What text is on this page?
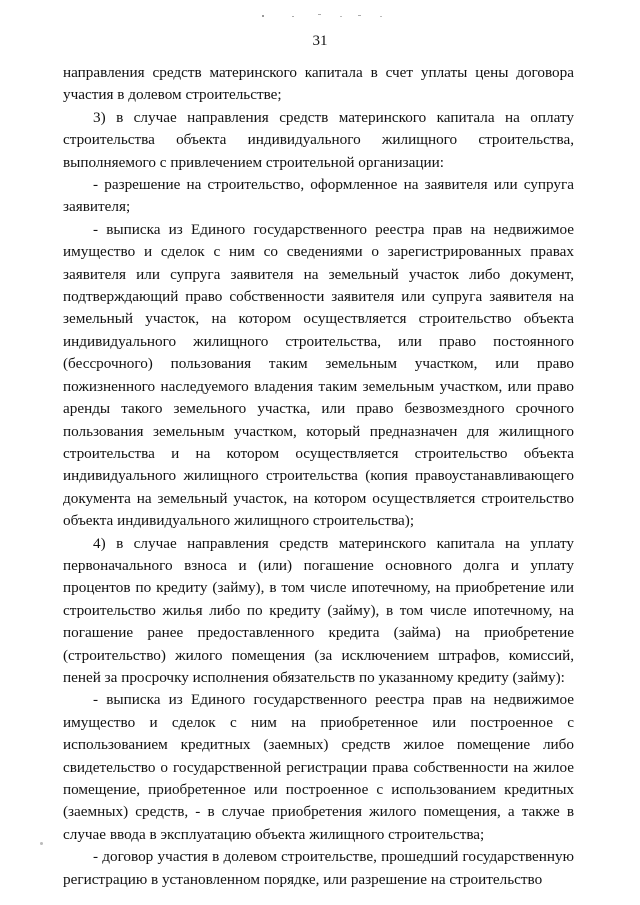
31

направления средств материнского капитала в счет уплаты цены договора участия в долевом строительстве;

3) в случае направления средств материнского капитала на оплату строительства объекта индивидуального жилищного строительства, выполняемого с привлечением строительной организации:

- разрешение на строительство, оформленное на заявителя или супруга заявителя;

- выписка из Единого государственного реестра прав на недвижимое имущество и сделок с ним со сведениями о зарегистрированных правах заявителя или супруга заявителя на земельный участок либо документ, подтверждающий право собственности заявителя или супруга заявителя на земельный участок, на котором осуществляется строительство объекта индивидуального жилищного строительства, или право постоянного (бессрочного) пользования таким земельным участком, или право пожизненного наследуемого владения таким земельным участком, или право аренды такого земельного участка, или право безвозмездного срочного пользования земельным участком, который предназначен для жилищного строительства и на котором осуществляется строительство объекта индивидуального жилищного строительства (копия правоустанавливающего документа на земельный участок, на котором осуществляется строительство объекта индивидуального жилищного строительства);

4) в случае направления средств материнского капитала на уплату первоначального взноса и (или) погашение основного долга и уплату процентов по кредиту (займу), в том числе ипотечному, на приобретение или строительство жилья либо по кредиту (займу), в том числе ипотечному, на погашение ранее предоставленного кредита (займа) на приобретение (строительство) жилого помещения (за исключением штрафов, комиссий, пеней за просрочку исполнения обязательств по указанному кредиту (займу):

- выписка из Единого государственного реестра прав на недвижимое имущество и сделок с ним на приобретенное или построенное с использованием кредитных (заемных) средств жилое помещение либо свидетельство о государственной регистрации права собственности на жилое помещение, приобретенное или построенное с использованием кредитных (заемных) средств, - в случае приобретения жилого помещения, а также в случае ввода в эксплуатацию объекта жилищного строительства;

- договор участия в долевом строительстве, прошедший государственную регистрацию в установленном порядке, или разрешение на строительство
